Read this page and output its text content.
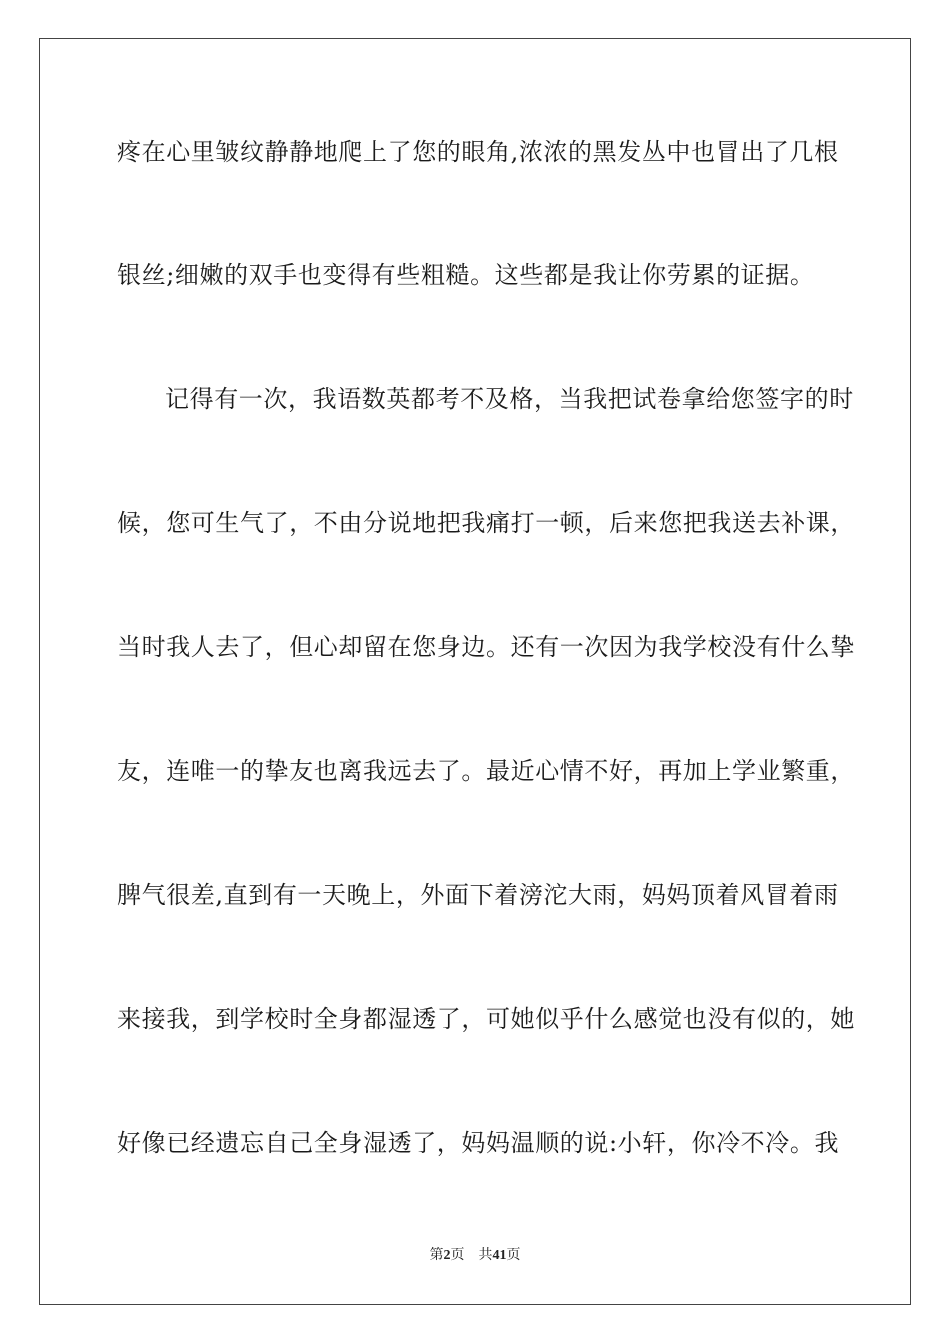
疼在心里皱纹静静地爬上了您的眼角,浓浓的黑发丛中也冒出了几根
银丝;细嫩的双手也变得有些粗糙。这些都是我让你劳累的证据。
记得有一次，我语数英都考不及格，当我把试卷拿给您签字的时
候，您可生气了，不由分说地把我痛打一顿，后来您把我送去补课，
当时我人去了，但心却留在您身边。还有一次因为我学校没有什么挚
友，连唯一的挚友也离我远去了。最近心情不好，再加上学业繁重，
脾气很差,直到有一天晚上，外面下着滂沱大雨，妈妈顶着风冒着雨
来接我，到学校时全身都湿透了，可她似乎什么感觉也没有似的，她
好像已经遗忘自己全身湿透了，妈妈温顺的说:小轩，你冷不冷。我
第2页 共41页
